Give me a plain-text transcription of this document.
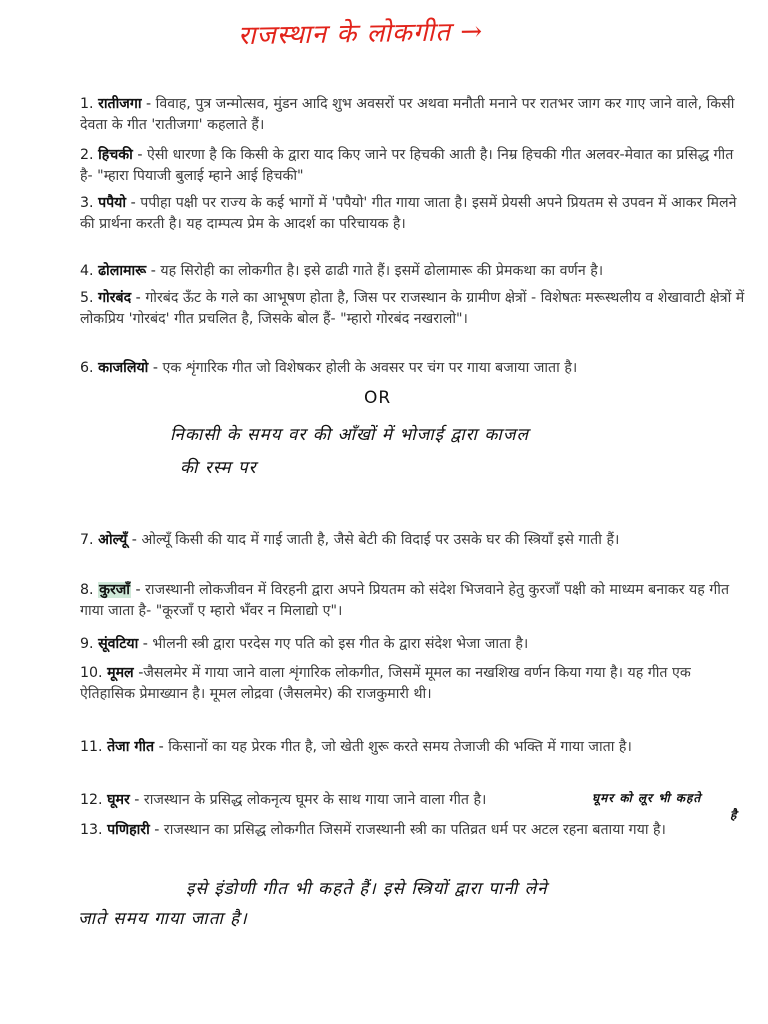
राजस्थान के लोकगीत →
1. रातीजगा - विवाह, पुत्र जन्मोत्सव, मुंडन आदि शुभ अवसरों पर अथवा मनौती मनाने पर रातभर जाग कर गाए जाने वाले, किसी देवता के गीत 'रातीजगा' कहलाते हैं।
2. हिचकी - ऐसी धारणा है कि किसी के द्वारा याद किए जाने पर हिचकी आती है। निम्र हिचकी गीत अलवर-मेवात का प्रसिद्ध गीत है- "म्हारा पियाजी बुलाई म्हाने आई हिचकी"
3. पपैयो - पपीहा पक्षी पर राज्य के कई भागों में 'पपैयो' गीत गाया जाता है। इसमें प्रेयसी अपने प्रियतम से उपवन में आकर मिलने की प्रार्थना करती है। यह दाम्पत्य प्रेम के आदर्श का परिचायक है।
4. ढोलामारू - यह सिरोही का लोकगीत है। इसे ढाढी गाते हैं। इसमें ढोलामारू की प्रेमकथा का वर्णन है।
5. गोरबंद - गोरबंद ऊँट के गले का आभूषण होता है, जिस पर राजस्थान के ग्रामीण क्षेत्रों - विशेषतः मरूस्थलीय व शेखावाटी क्षेत्रों में लोकप्रिय 'गोरबंद' गीत प्रचलित है, जिसके बोल हैं- "म्हारो गोरबंद नखरालो"।
6. काजलियो - एक शृंगारिक गीत जो विशेषकर होली के अवसर पर चंग पर गाया बजाया जाता है।
OR
निकासी के समय वर की आँखों में भोजाई द्वारा काजल
की रस्म पर
7. ओल्यूँ - ओल्यूँ किसी की याद में गाई जाती है, जैसे बेटी की विदाई पर उसके घर की स्त्रियाँ इसे गाती हैं।
8. कुरजाँ - राजस्थानी लोकजीवन में विरहनी द्वारा अपने प्रियतम को संदेश भिजवाने हेतु कुरजाँ पक्षी को माध्यम बनाकर यह गीत गाया जाता है- "कूरजाँ ए म्हारो भँवर न मिलाद्यो ए"।
9. सूंवटिया - भीलनी स्त्री द्वारा परदेस गए पति को इस गीत के द्वारा संदेश भेजा जाता है।
10. मूमल -जैसलमेर में गाया जाने वाला शृंगारिक लोकगीत, जिसमें मूमल का नखशिख वर्णन किया गया है। यह गीत एक ऐतिहासिक प्रेमाख्यान है। मूमल लोद्रवा (जैसलमेर) की राजकुमारी थी।
11. तेजा गीत - किसानों का यह प्रेरक गीत है, जो खेती शुरू करते समय तेजाजी की भक्ति में गाया जाता है।
12. घूमर - राजस्थान के प्रसिद्ध लोकनृत्य घूमर के साथ गाया जाने वाला गीत है।	घूमर को लूर भी कहते
है
13. पणिहारी - राजस्थान का प्रसिद्ध लोकगीत जिसमें राजस्थानी स्त्री का पतिव्रत धर्म पर अटल रहना बताया गया है।
इसे इंडोणी गीत भी कहते हैं। इसे स्त्रियों द्वारा पानी लेने
जाते समय गाया जाता है।
